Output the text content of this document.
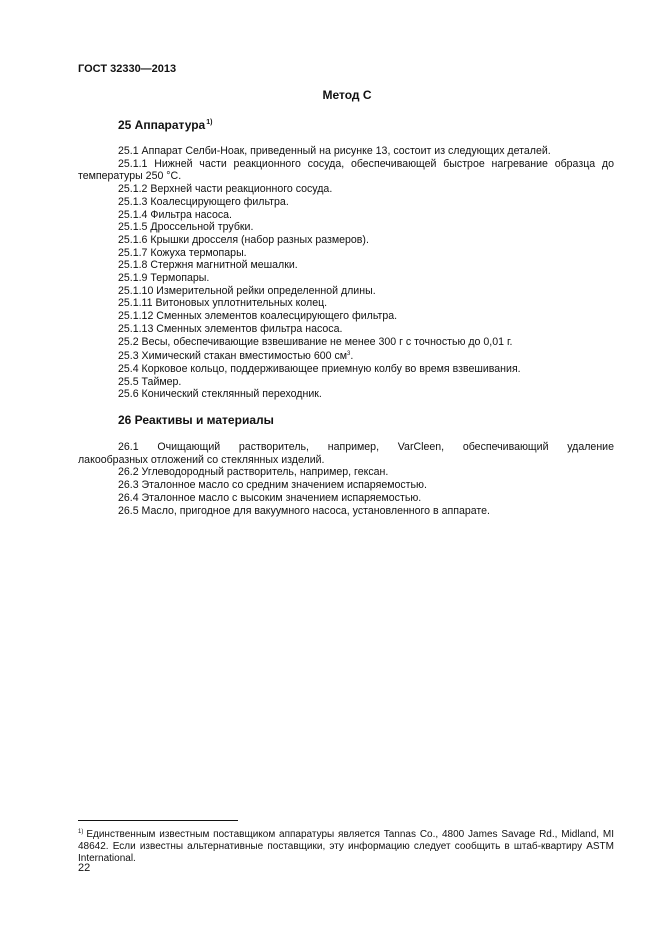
ГОСТ 32330—2013
Метод С
25 Аппаратура$^{1)}$

25.1 Аппарат Селби-Ноак, приведенный на рисунке 13, состоит из следующих деталей.

25.1.1 Нижней части реакционного сосуда, обеспечивающей быстрое нагревание образца до температуры 250 °С.

25.1.2 Верхней части реакционного сосуда.

25.1.3 Коалесцирующего фильтра.

25.1.4 Фильтра насоса.

25.1.5 Дроссельной трубки.

25.1.6 Крышки дросселя (набор разных размеров).

25.1.7 Кожуха термопары.

25.1.8 Стержня магнитной мешалки.

25.1.9 Термопары.

25.1.10 Измерительной рейки определенной длины.

25.1.11 Витоновых уплотнительных колец.

25.1.12 Сменных элементов коалесцирующего фильтра.

25.1.13 Сменных элементов фильтра насоса.

25.2 Весы, обеспечивающие взвешивание не менее 300 г с точностью до 0,01 г.

25.3 Химический стакан вместимостью 600 $см^3$.

25.4 Корковое кольцо, поддерживающее приемную колбу во время взвешивания.

25.5 Таймер.

25.6 Конический стеклянный переходник.

26 Реактивы и материалы

26.1 Очищающий растворитель, например, VarCleen, обеспечивающий удаление

лакообразных отложений со стеклянных изделий.

26.2 Углеводородный растворитель, например, гексан.

26.3 Эталонное масло со средним значением испаряемостью.

26.4 Эталонное масло с высоким значением испаряемостью.

26.5 Масло, пригодное для вакуумного насоса, установленного в аппарате.

$^{1)}$ Единственным известным поставщиком аппаратуры является Tannas Co., 4800 James Savage Rd., Midland, MI 48642. Если известны альтернативные поставщики, эту информацию следует сообщить в штаб-квартиру ASTM International.
22
